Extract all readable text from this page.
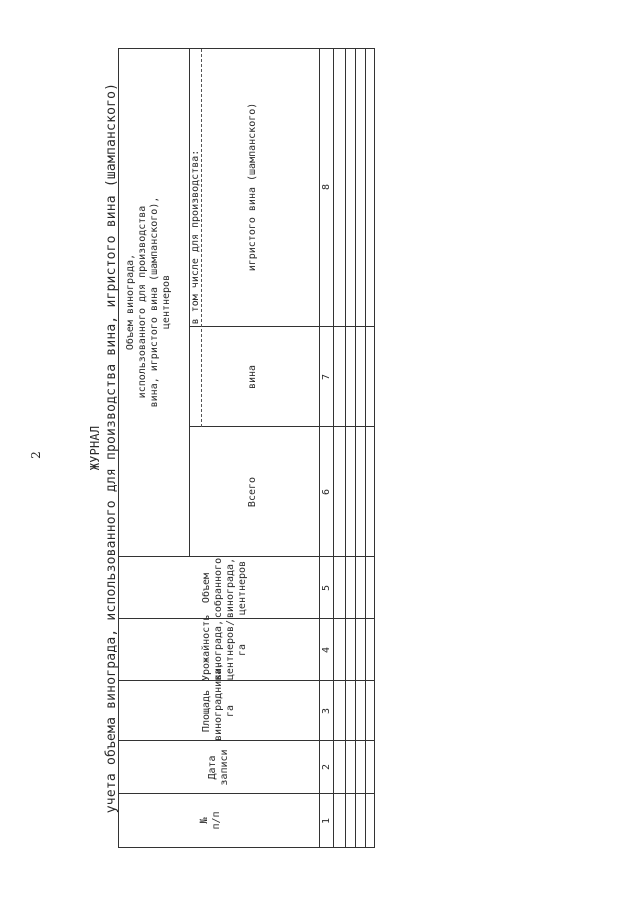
2	ЖУРНАЛ учета объема винограда, использованного для производства вина, игристого вина (шампанского)
№
п/п
Дата записи
Площадь виноградника,
га
Урожайность винограда,
центнеров/га
Объем собранного винограда,
центнеров
Объем винограда,
использованного для производства
вина, игристого вина (шампанского),
центнеров в том числе для производства:
Всего
вина
игристого вина (шампанского)
1
2
3
4
5
6
7
8
